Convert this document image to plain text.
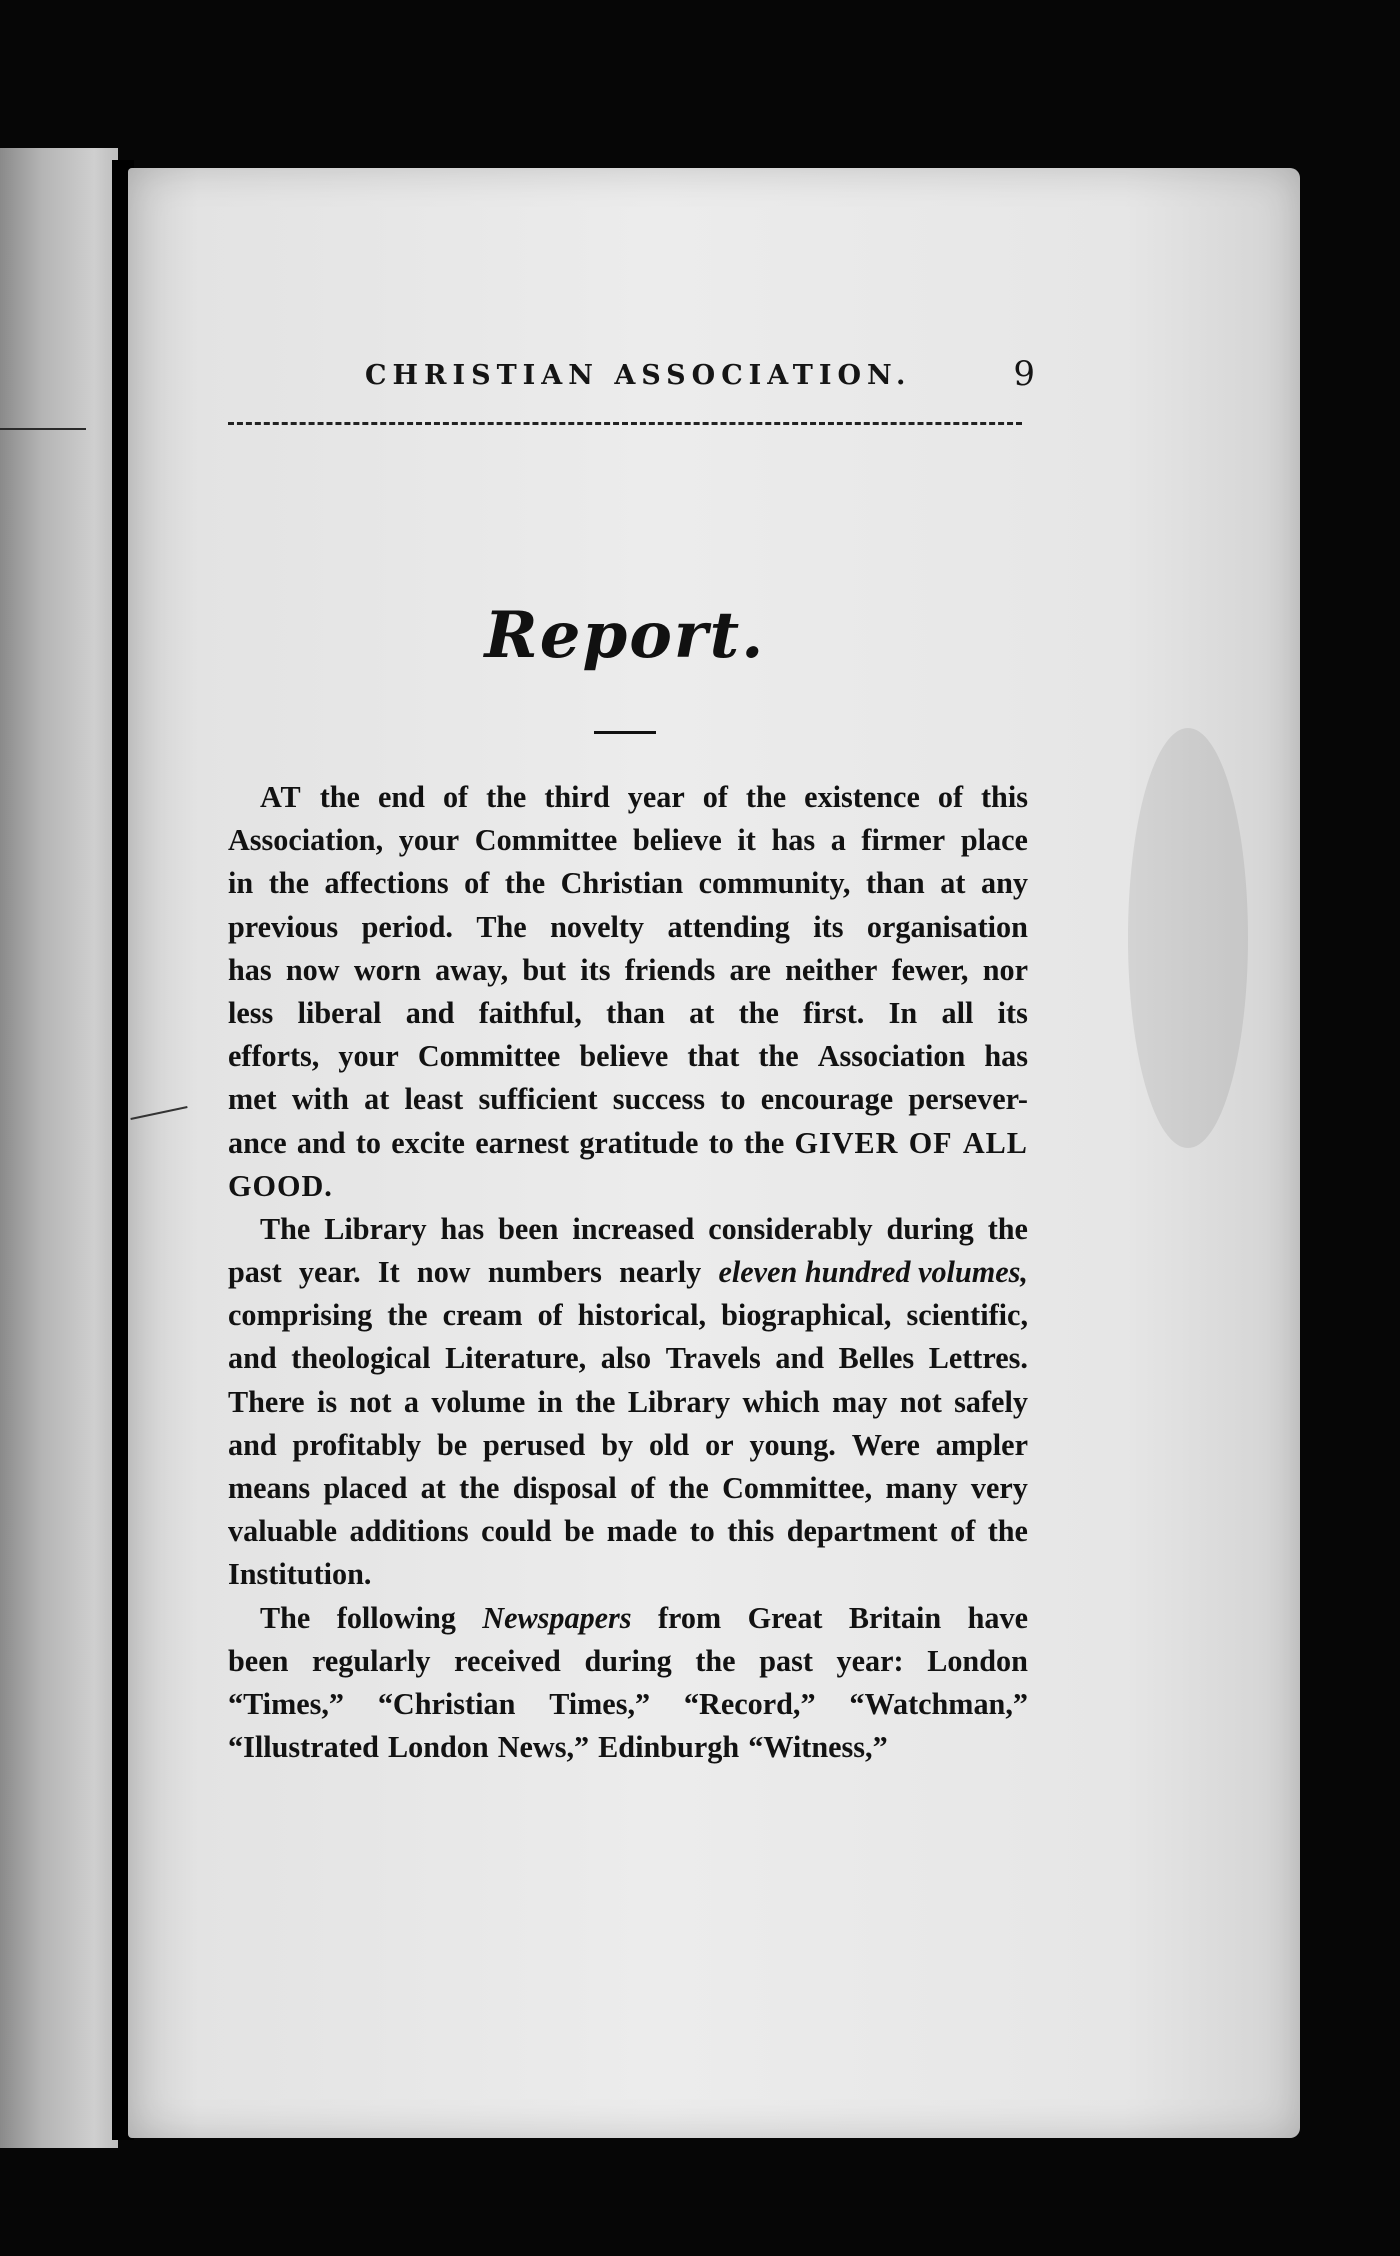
CHRISTIAN ASSOCIATION.	9
Report.
AT the end of the third year of the existence of this
Association, your Committee believe it has a firmer place
in the affections of the Christian community, than at any
previous period. The novelty attending its organisation
has now worn away, but its friends are neither fewer, nor
less liberal and faithful, than at the first. In all its
efforts, your Committee believe that the Association has
met with at least sufficient success to encourage persever-
ance and to excite earnest gratitude to the GIVER OF ALL
GOOD.
The Library has been increased considerably during the
past year. It now numbers nearly eleven hundred volumes,
comprising the cream of historical, biographical, scientific,
and theological Literature, also Travels and Belles Lettres.
There is not a volume in the Library which may not safely
and profitably be perused by old or young. Were ampler
means placed at the disposal of the Committee, many very
valuable additions could be made to this department of the
Institution.
The following Newspapers from Great Britain have
been regularly received during the past year: London
“Times,” “Christian Times,” “Record,” “Watchman,”
“Illustrated London News,” Edinburgh “Witness,”
